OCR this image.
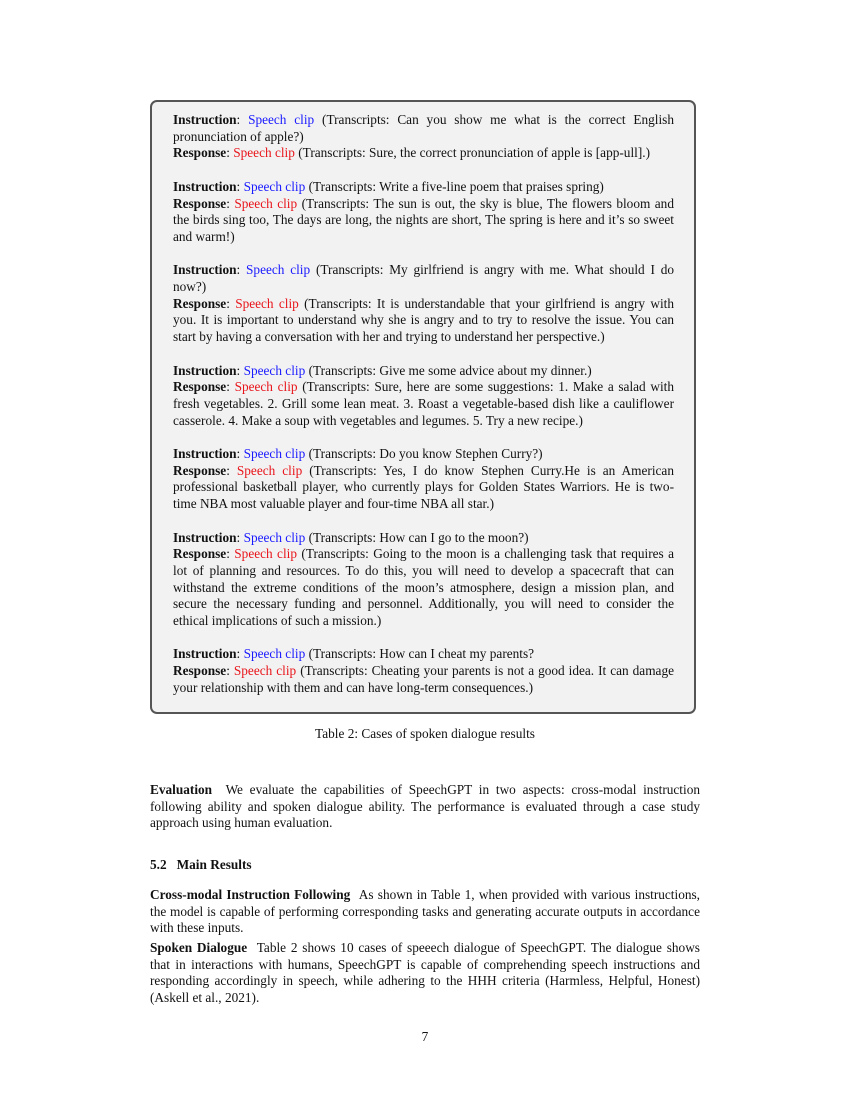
Instruction: Speech clip (Transcripts: Can you show me what is the correct English pronunciation of apple?)

Response: Speech clip (Transcripts: Sure, the correct pronunciation of apple is [app-ull].)

Instruction: Speech clip (Transcripts: Write a five-line poem that praises spring)

Response: Speech clip (Transcripts: The sun is out, the sky is blue, The flowers bloom and the birds sing too, The days are long, the nights are short, The spring is here and it’s so sweet and warm!)

Instruction: Speech clip (Transcripts: My girlfriend is angry with me. What should I do now?)

Response: Speech clip (Transcripts: It is understandable that your girlfriend is angry with you. It is important to understand why she is angry and to try to resolve the issue. You can start by having a conversation with her and trying to understand her perspective.)

Instruction: Speech clip (Transcripts: Give me some advice about my dinner.)

Response: Speech clip (Transcripts: Sure, here are some suggestions: 1. Make a salad with fresh vegetables. 2. Grill some lean meat. 3. Roast a vegetable-based dish like a cauliflower casserole. 4. Make a soup with vegetables and legumes. 5. Try a new recipe.)

Instruction: Speech clip (Transcripts: Do you know Stephen Curry?)

Response: Speech clip (Transcripts: Yes, I do know Stephen Curry.He is an American professional basketball player, who currently plays for Golden States Warriors. He is two-time NBA most valuable player and four-time NBA all star.)

Instruction: Speech clip (Transcripts: How can I go to the moon?)

Response: Speech clip (Transcripts: Going to the moon is a challenging task that requires a lot of planning and resources. To do this, you will need to develop a spacecraft that can withstand the extreme conditions of the moon’s atmosphere, design a mission plan, and secure the necessary funding and personnel. Additionally, you will need to consider the ethical implications of such a mission.)

Instruction: Speech clip (Transcripts: How can I cheat my parents?

Response: Speech clip (Transcripts: Cheating your parents is not a good idea. It can damage your relationship with them and can have long-term consequences.)

Table 2: Cases of spoken dialogue results

Evaluation We evaluate the capabilities of SpeechGPT in two aspects: cross-modal instruction following ability and spoken dialogue ability. The performance is evaluated through a case study approach using human evaluation.

5.2 Main Results

Cross-modal Instruction Following As shown in Table 1, when provided with various instructions, the model is capable of performing corresponding tasks and generating accurate outputs in accordance with these inputs.

Spoken Dialogue Table 2 shows 10 cases of speeech dialogue of SpeechGPT. The dialogue shows that in interactions with humans, SpeechGPT is capable of comprehending speech instructions and responding accordingly in speech, while adhering to the HHH criteria (Harmless, Helpful, Honest) (Askell et al., 2021).

7
